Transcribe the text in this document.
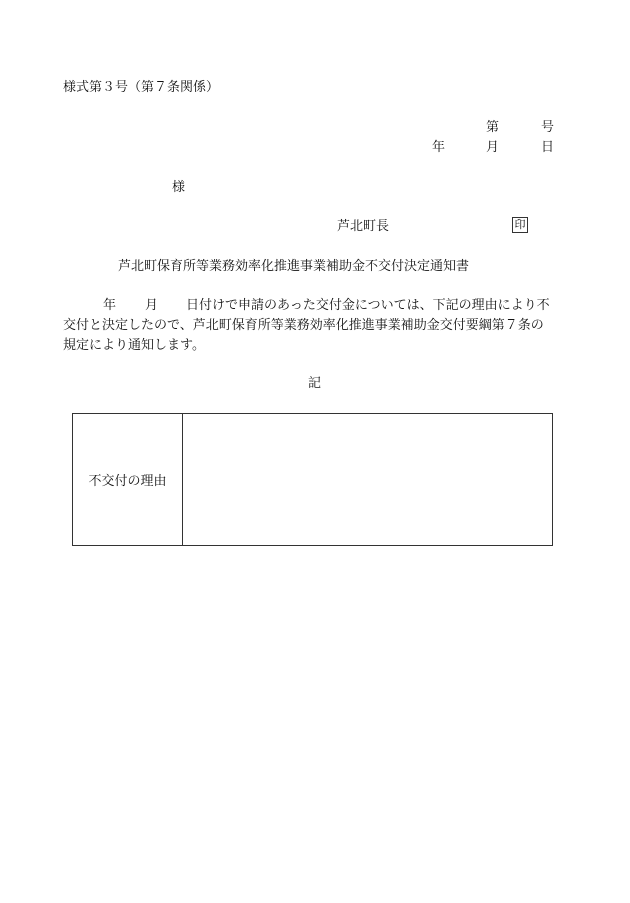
様式第３号（第７条関係）
第	号
年	月	日
様
芦北町長	印
芦北町保育所等業務効率化推進事業補助金不交付決定通知書
年 月 日付けで申請のあった交付金については、下記の理由により不
交付と決定したので、芦北町保育所等業務効率化推進事業補助金交付要綱第７条の
規定により通知します。
記
不交付の理由
